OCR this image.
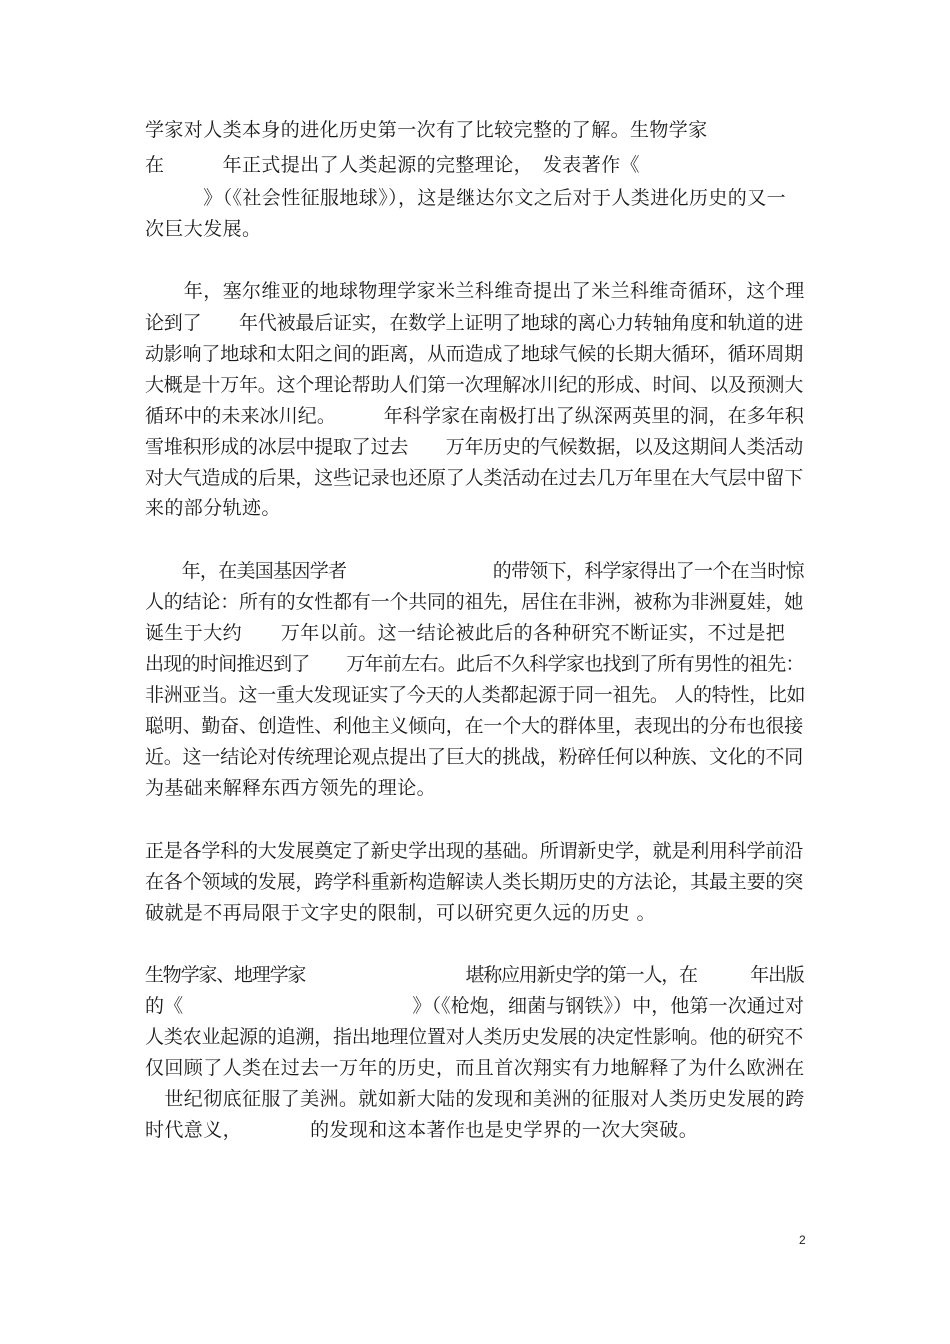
学家对人类本身的进化历史第一次有了比较完整的了解。生物学家
在　　　年正式提出了人类起源的完整理论，　发表著作《
　　　》（《社会性征服地球》），这是继达尔文之后对于人类进化历史的又一
次巨大发展。
　　年，塞尔维亚的地球物理学家米兰科维奇提出了米兰科维奇循环，这个理
论到了　　年代被最后证实，在数学上证明了地球的离心力转轴角度和轨道的进
动影响了地球和太阳之间的距离，从而造成了地球气候的长期大循环，循环周期
大概是十万年。这个理论帮助人们第一次理解冰川纪的形成、时间、以及预测大
循环中的未来冰川纪。　　　年科学家在南极打出了纵深两英里的洞，在多年积
雪堆积形成的冰层中提取了过去　　万年历史的气候数据，以及这期间人类活动
对大气造成的后果，这些记录也还原了人类活动在过去几万年里在大气层中留下
来的部分轨迹。
　　年，在美国基因学者　　　　　　　　的带领下，科学家得出了一个在当时惊
人的结论：所有的女性都有一个共同的祖先，居住在非洲，被称为非洲夏娃，她
诞生于大约　　万年以前。这一结论被此后的各种研究不断证实，不过是把
出现的时间推迟到了　　万年前左右。此后不久科学家也找到了所有男性的祖先：
非洲亚当。这一重大发现证实了今天的人类都起源于同一祖先。 人的特性，比如
聪明、勤奋、创造性、利他主义倾向，在一个大的群体里，表现出的分布也很接
近。这一结论对传统理论观点提出了巨大的挑战，粉碎任何以种族、文化的不同
为基础来解释东西方领先的理论。
正是各学科的大发展奠定了新史学出现的基础。所谓新史学，就是利用科学前沿
在各个领域的发展，跨学科重新构造解读人类长期历史的方法论，其最主要的突
破就是不再局限于文字史的限制，可以研究更久远的历史 。
生物学家、地理学家　　　　　　　　　堪称应用新史学的第一人，在　　　年出版
的《　　　　　　　　　　　　》（《枪炮，细菌与钢铁》）中，他第一次通过对
人类农业起源的追溯，指出地理位置对人类历史发展的决定性影响。他的研究不
仅回顾了人类在过去一万年的历史，而且首次翔实有力地解释了为什么欧洲在
　世纪彻底征服了美洲。就如新大陆的发现和美洲的征服对人类历史发展的跨
时代意义，　　　　的发现和这本著作也是史学界的一次大突破。
2
